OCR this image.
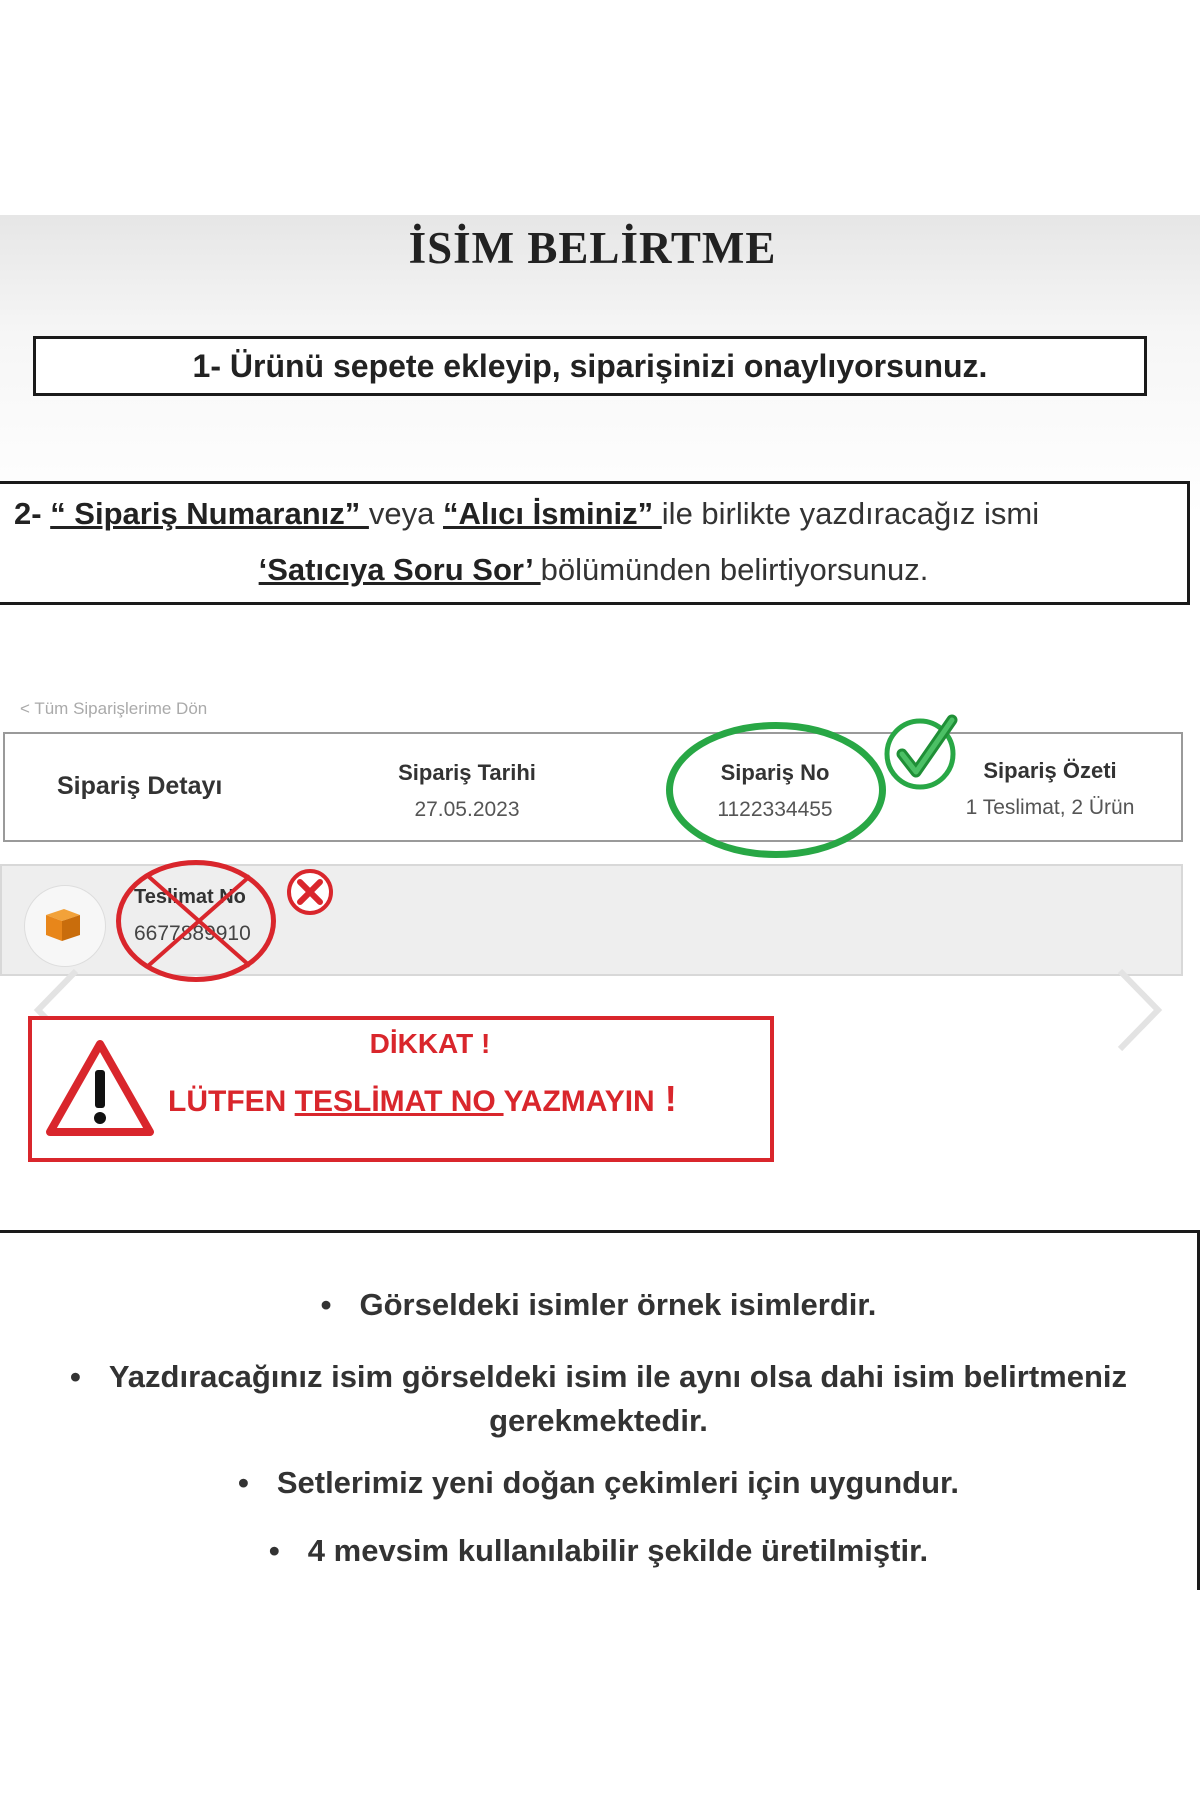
İSİM BELİRTME
1- Ürünü sepete ekleyip, siparişinizi onaylıyorsunuz.
2- “ Sipariş Numaranız” veya “Alıcı İsminiz” ile birlikte yazdıracağız ismi
‘Satıcıya Soru Sor’ bölümünden belirtiyorsunuz.
< Tüm Siparişlerime Dön
Sipariş Detayı	Sipariş Tarihi
27.05.2023
Sipariş No
1122334455
Sipariş Özeti
1 Teslimat, 2 Ürün
Teslimat No
6677889910
DİKKAT !
LÜTFEN TESLİMAT NO YAZMAYIN !
• Görseldeki isimler örnek isimlerdir.
• Yazdıracağınız isim görseldeki isim ile aynı olsa dahi isim belirtmeniz gerekmektedir.
• Setlerimiz yeni doğan çekimleri için uygundur.
• 4 mevsim kullanılabilir şekilde üretilmiştir.
